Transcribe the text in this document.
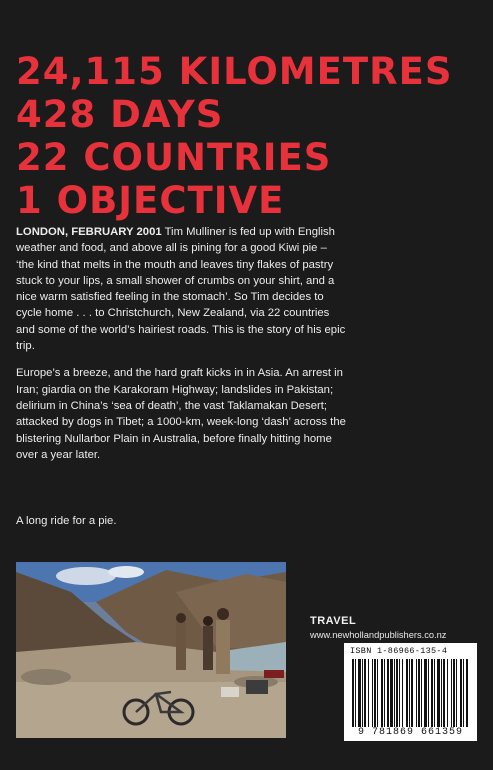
24,115 KILOMETRES
428 DAYS
22 COUNTRIES
1 OBJECTIVE

LONDON, FEBRUARY 2001 Tim Mulliner is fed up with English weather and food, and above all is pining for a good Kiwi pie – ‘the kind that melts in the mouth and leaves tiny flakes of pastry stuck to your lips, a small shower of crumbs on your shirt, and a nice warm satisfied feeling in the stomach’. So Tim decides to cycle home . . . to Christchurch, New Zealand, via 22 countries and some of the world’s hairiest roads. This is the story of his epic trip.

Europe’s a breeze, and the hard graft kicks in in Asia. An arrest in Iran; giardia on the Karakoram Highway; landslides in Pakistan; delirium in China’s ‘sea of death’, the vast Taklamakan Desert; attacked by dogs in Tibet; a 1000-km, week-long ‘dash’ across the blistering Nullarbor Plain in Australia, before finally hitting home over a year later.

A long ride for a pie.
TRAVEL
www.newhollandpublishers.co.nz
ISBN 1-86966-135-4
9 781869 661359
